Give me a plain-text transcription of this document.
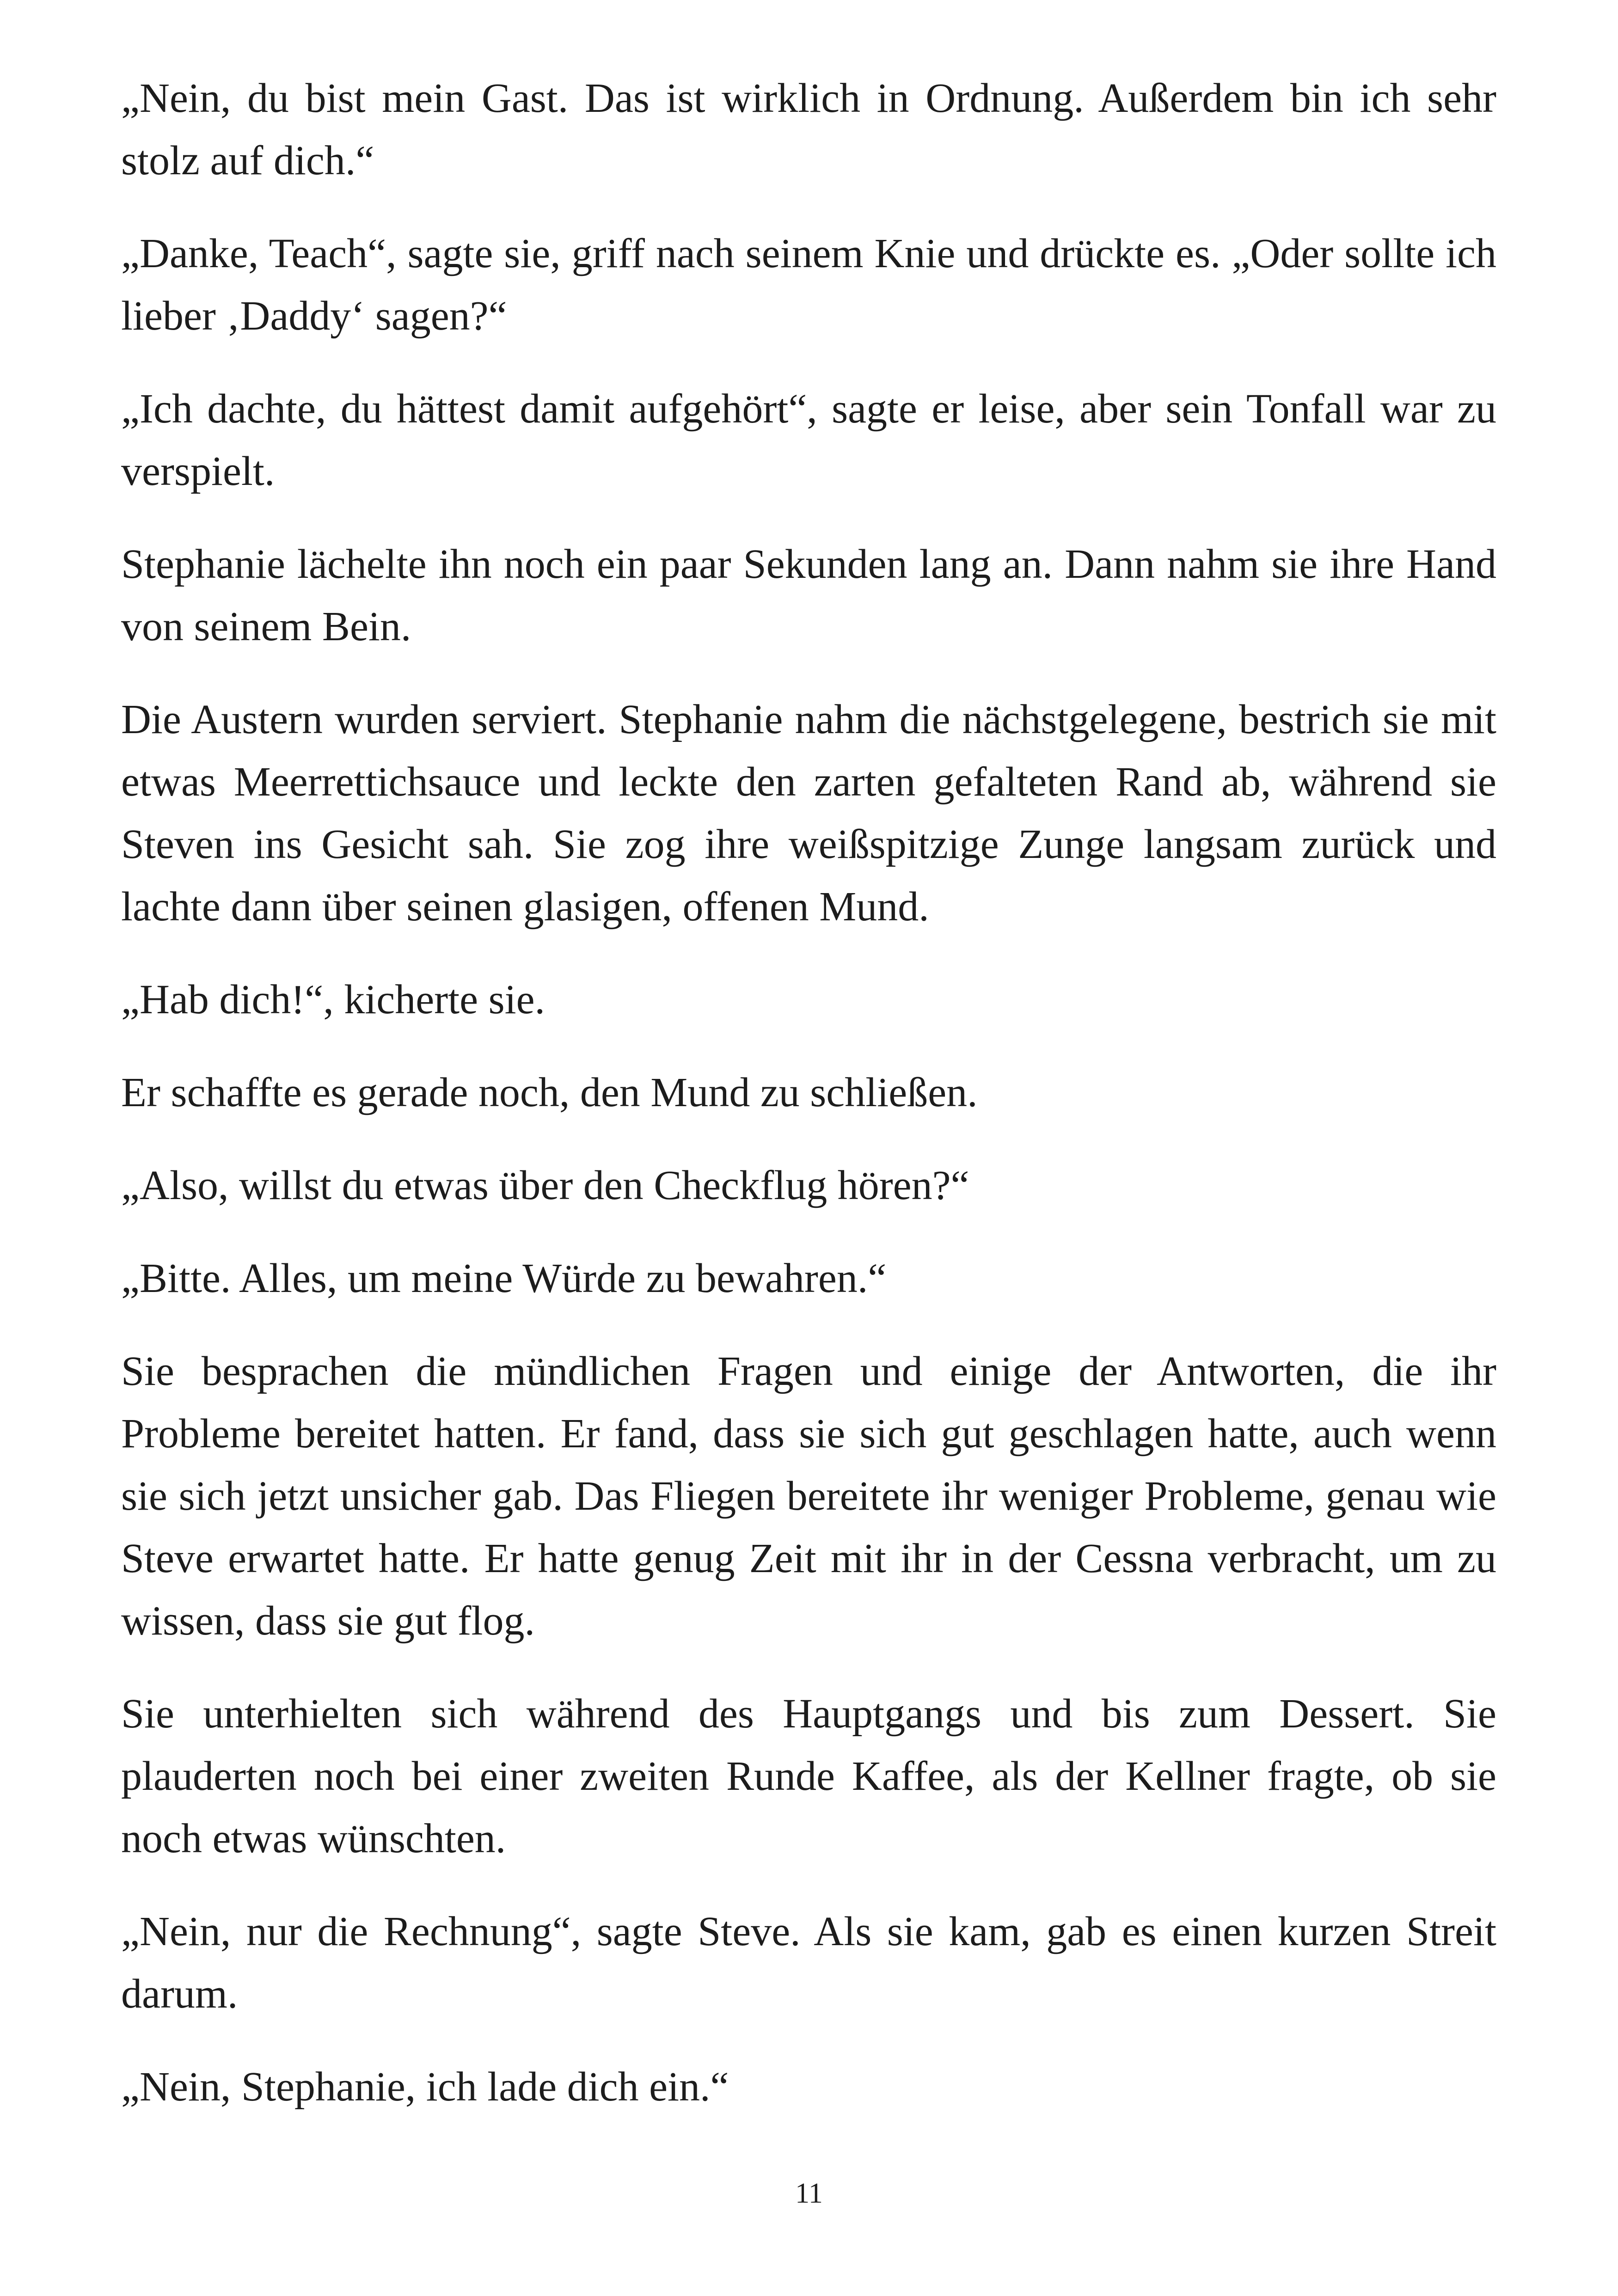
„Nein, du bist mein Gast. Das ist wirklich in Ordnung. Außerdem bin ich sehr stolz auf dich.“

„Danke, Teach“, sagte sie, griff nach seinem Knie und drückte es. „Oder sollte ich lieber ‚Daddy‘ sagen?“

„Ich dachte, du hättest damit aufgehört“, sagte er leise, aber sein Tonfall war zu verspielt.

Stephanie lächelte ihn noch ein paar Sekunden lang an. Dann nahm sie ihre Hand von seinem Bein.

Die Austern wurden serviert. Stephanie nahm die nächstgelegene, bestrich sie mit etwas Meerrettichsauce und leckte den zarten gefalteten Rand ab, während sie Steven ins Gesicht sah. Sie zog ihre weißspitzige Zunge langsam zurück und lachte dann über seinen glasigen, offenen Mund.

„Hab dich!“, kicherte sie.

Er schaffte es gerade noch, den Mund zu schließen.

„Also, willst du etwas über den Checkflug hören?“

„Bitte. Alles, um meine Würde zu bewahren.“

Sie besprachen die mündlichen Fragen und einige der Antworten, die ihr Probleme bereitet hatten. Er fand, dass sie sich gut geschlagen hatte, auch wenn sie sich jetzt unsicher gab. Das Fliegen bereitete ihr weniger Probleme, genau wie Steve erwartet hatte. Er hatte genug Zeit mit ihr in der Cessna verbracht, um zu wissen, dass sie gut flog.

Sie unterhielten sich während des Hauptgangs und bis zum Dessert. Sie plauderten noch bei einer zweiten Runde Kaffee, als der Kellner fragte, ob sie noch etwas wünschten.

„Nein, nur die Rechnung“, sagte Steve. Als sie kam, gab es einen kurzen Streit darum.

„Nein, Stephanie, ich lade dich ein.“

11
